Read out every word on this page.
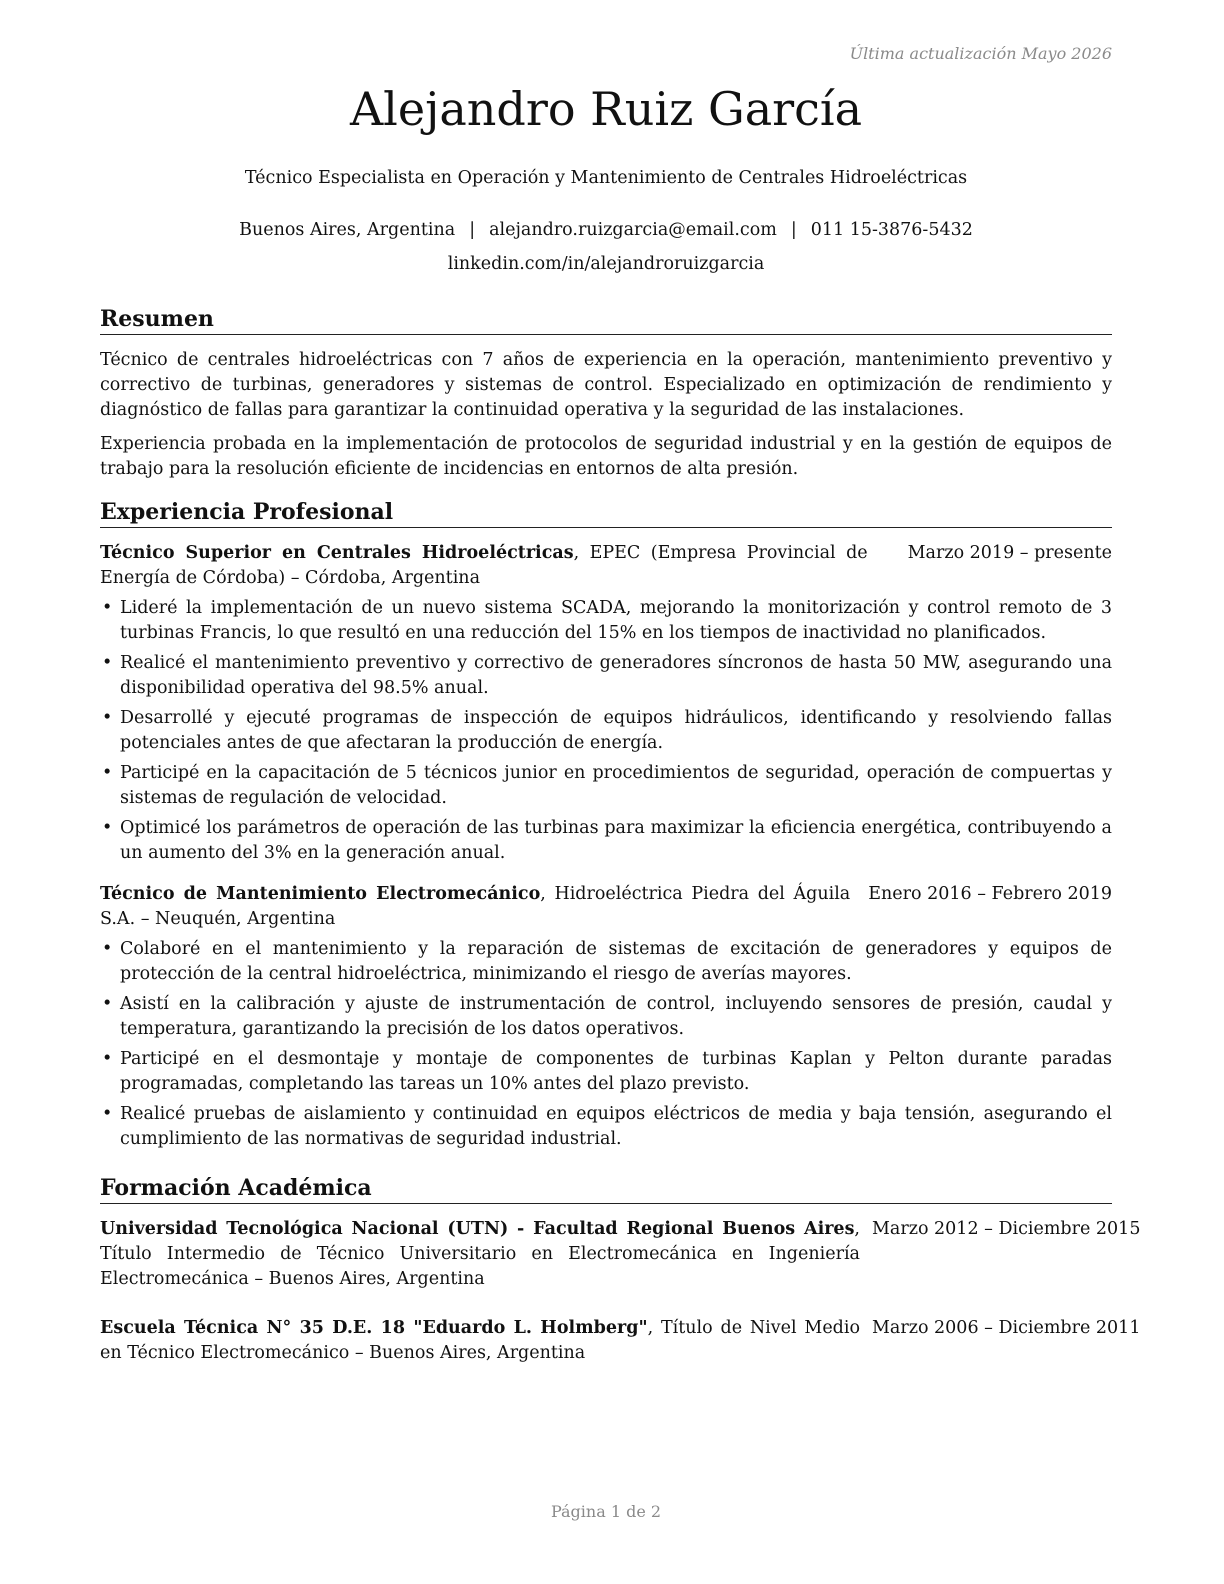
Última actualización Mayo 2026
Alejandro Ruiz García
Técnico Especialista en Operación y Mantenimiento de Centrales Hidroeléctricas
Buenos Aires, Argentina | alejandro.ruizgarcia@email.com | 011 15-3876-5432
linkedin.com/in/alejandroruizgarcia
Resumen

Técnico de centrales hidroeléctricas con 7 años de experiencia en la operación, mantenimiento preventivo y correctivo de turbinas, generadores y sistemas de control. Especializado en optimización de rendimiento y diagnóstico de fallas para garantizar la continuidad operativa y la seguridad de las instalaciones.

Experiencia probada en la implementación de protocolos de seguridad industrial y en la gestión de equipos de trabajo para la resolución eficiente de incidencias en entornos de alta presión.

Experiencia Profesional
Técnico Superior en Centrales Hidroeléctricas, EPEC (Empresa Provincial de Energía de Córdoba) – Córdoba, Argentina
Marzo 2019 – presente
• Lideré la implementación de un nuevo sistema SCADA, mejorando la monitorización y control remoto de 3 turbinas Francis, lo que resultó en una reducción del 15% en los tiempos de inactividad no planificados.
• Realicé el mantenimiento preventivo y correctivo de generadores síncronos de hasta 50 MW, asegurando una disponibilidad operativa del 98.5% anual.
• Desarrollé y ejecuté programas de inspección de equipos hidráulicos, identificando y resolviendo fallas potenciales antes de que afectaran la producción de energía.
• Participé en la capacitación de 5 técnicos junior en procedimientos de seguridad, operación de compuertas y sistemas de regulación de velocidad.
• Optimicé los parámetros de operación de las turbinas para maximizar la eficiencia energética, contribuyendo a un aumento del 3% en la generación anual.
Técnico de Mantenimiento Electromecánico, Hidroeléctrica Piedra del Águila S.A. – Neuquén, Argentina
Enero 2016 – Febrero 2019
• Colaboré en el mantenimiento y la reparación de sistemas de excitación de generadores y equipos de protección de la central hidroeléctrica, minimizando el riesgo de averías mayores.
• Asistí en la calibración y ajuste de instrumentación de control, incluyendo sensores de presión, caudal y temperatura, garantizando la precisión de los datos operativos.
• Participé en el desmontaje y montaje de componentes de turbinas Kaplan y Pelton durante paradas programadas, completando las tareas un 10% antes del plazo previsto.
• Realicé pruebas de aislamiento y continuidad en equipos eléctricos de media y baja tensión, asegurando el cumplimiento de las normativas de seguridad industrial.
Formación Académica
Universidad Tecnológica Nacional (UTN) - Facultad Regional Buenos Aires, Título Intermedio de Técnico Universitario en Electromecánica en Ingeniería Electromecánica – Buenos Aires, Argentina
Marzo 2012 – Diciembre 2015
Escuela Técnica N° 35 D.E. 18 "Eduardo L. Holmberg", Título de Nivel Medio en Técnico Electromecánico – Buenos Aires, Argentina
Marzo 2006 – Diciembre 2011
Página 1 de 2
